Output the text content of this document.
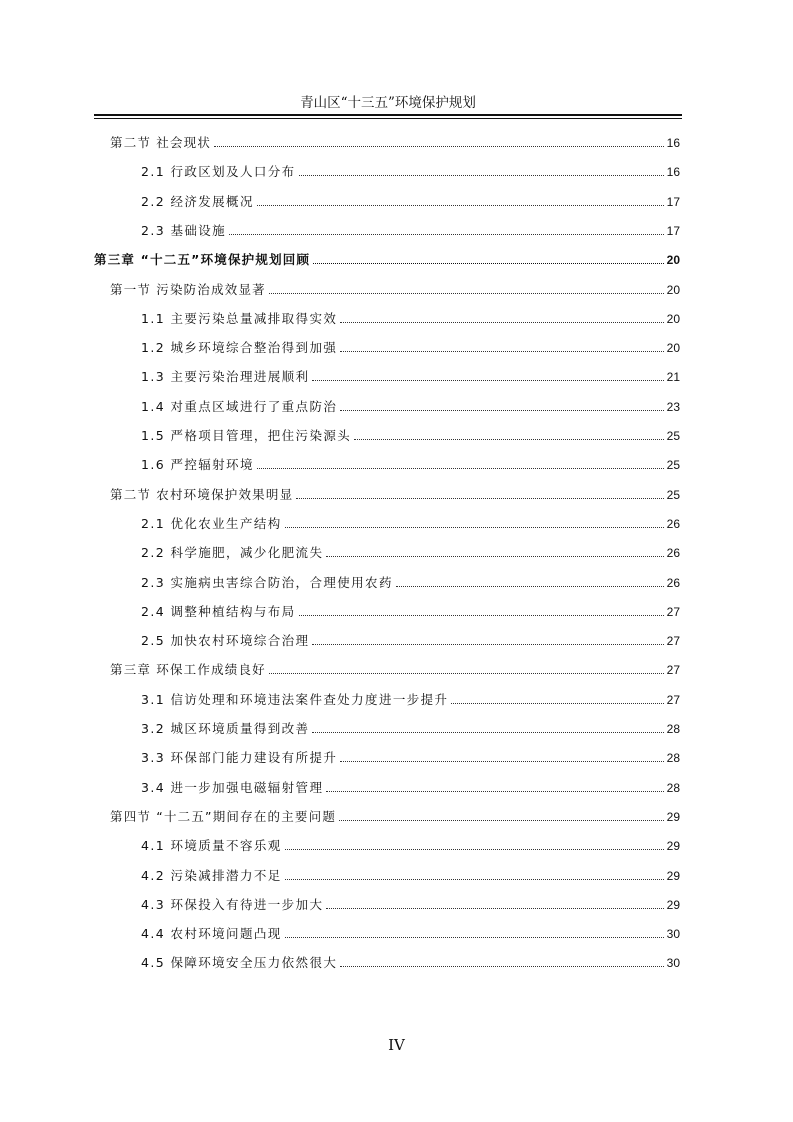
青山区“十三五”环境保护规划
第二节 社会现状	16
2.1 行政区划及人口分布	16
2.2 经济发展概况	17
2.3 基础设施	17
第三章 “十二五”环境保护规划回顾	20
第一节 污染防治成效显著	20
1.1 主要污染总量减排取得实效	20
1.2 城乡环境综合整治得到加强	20
1.3 主要污染治理进展顺利	21
1.4 对重点区域进行了重点防治	23
1.5 严格项目管理，把住污染源头	25
1.6 严控辐射环境	25
第二节 农村环境保护效果明显	25
2.1 优化农业生产结构	26
2.2 科学施肥，减少化肥流失	26
2.3 实施病虫害综合防治，合理使用农药	26
2.4 调整种植结构与布局	27
2.5 加快农村环境综合治理	27
第三章 环保工作成绩良好	27
3.1 信访处理和环境违法案件查处力度进一步提升	27
3.2 城区环境质量得到改善	28
3.3 环保部门能力建设有所提升	28
3.4 进一步加强电磁辐射管理	28
第四节 “十二五”期间存在的主要问题	29
4.1 环境质量不容乐观	29
4.2 污染减排潜力不足	29
4.3 环保投入有待进一步加大	29
4.4 农村环境问题凸现	30
4.5 保障环境安全压力依然很大	30
IV
